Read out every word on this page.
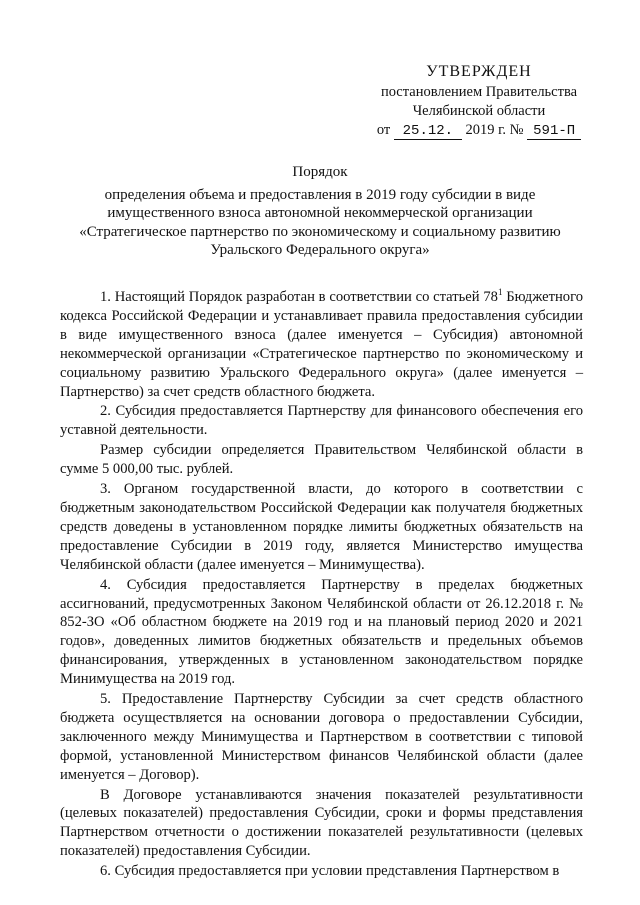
УТВЕРЖДЕН
постановлением Правительства
Челябинской области
от 25.12. 2019 г. № 591-П
Порядок
определения объема и предоставления в 2019 году субсидии в виде
имущественного взноса автономной некоммерческой организации
«Стратегическое партнерство по экономическому и социальному развитию
Уральского Федерального округа»

1. Настоящий Порядок разработан в соответствии со статьей $78^1$ Бюджетного кодекса Российской Федерации и устанавливает правила предоставления субсидии в виде имущественного взноса (далее именуется – Субсидия) автономной некоммерческой организации «Стратегическое партнерство по экономическому и социальному развитию Уральского Федерального округа» (далее именуется – Партнерство) за счет средств областного бюджета.

2. Субсидия предоставляется Партнерству для финансового обеспечения его уставной деятельности.

Размер субсидии определяется Правительством Челябинской области в сумме 5 000,00 тыс. рублей.

3. Органом государственной власти, до которого в соответствии с бюджетным законодательством Российской Федерации как получателя бюджетных средств доведены в установленном порядке лимиты бюджетных обязательств на предоставление Субсидии в 2019 году, является Министерство имущества Челябинской области (далее именуется – Минимущества).

4. Субсидия предоставляется Партнерству в пределах бюджетных ассигнований, предусмотренных Законом Челябинской области от 26.12.2018 г. № 852-ЗО «Об областном бюджете на 2019 год и на плановый период 2020 и 2021 годов», доведенных лимитов бюджетных обязательств и предельных объемов финансирования, утвержденных в установленном законодательством порядке Минимущества на 2019 год.

5. Предоставление Партнерству Субсидии за счет средств областного бюджета осуществляется на основании договора о предоставлении Субсидии, заключенного между Минимущества и Партнерством в соответствии с типовой формой, установленной Министерством финансов Челябинской области (далее именуется – Договор).

В Договоре устанавливаются значения показателей результативности (целевых показателей) предоставления Субсидии, сроки и формы представления Партнерством отчетности о достижении показателей результативности (целевых показателей) предоставления Субсидии.

6. Субсидия предоставляется при условии представления Партнерством в
